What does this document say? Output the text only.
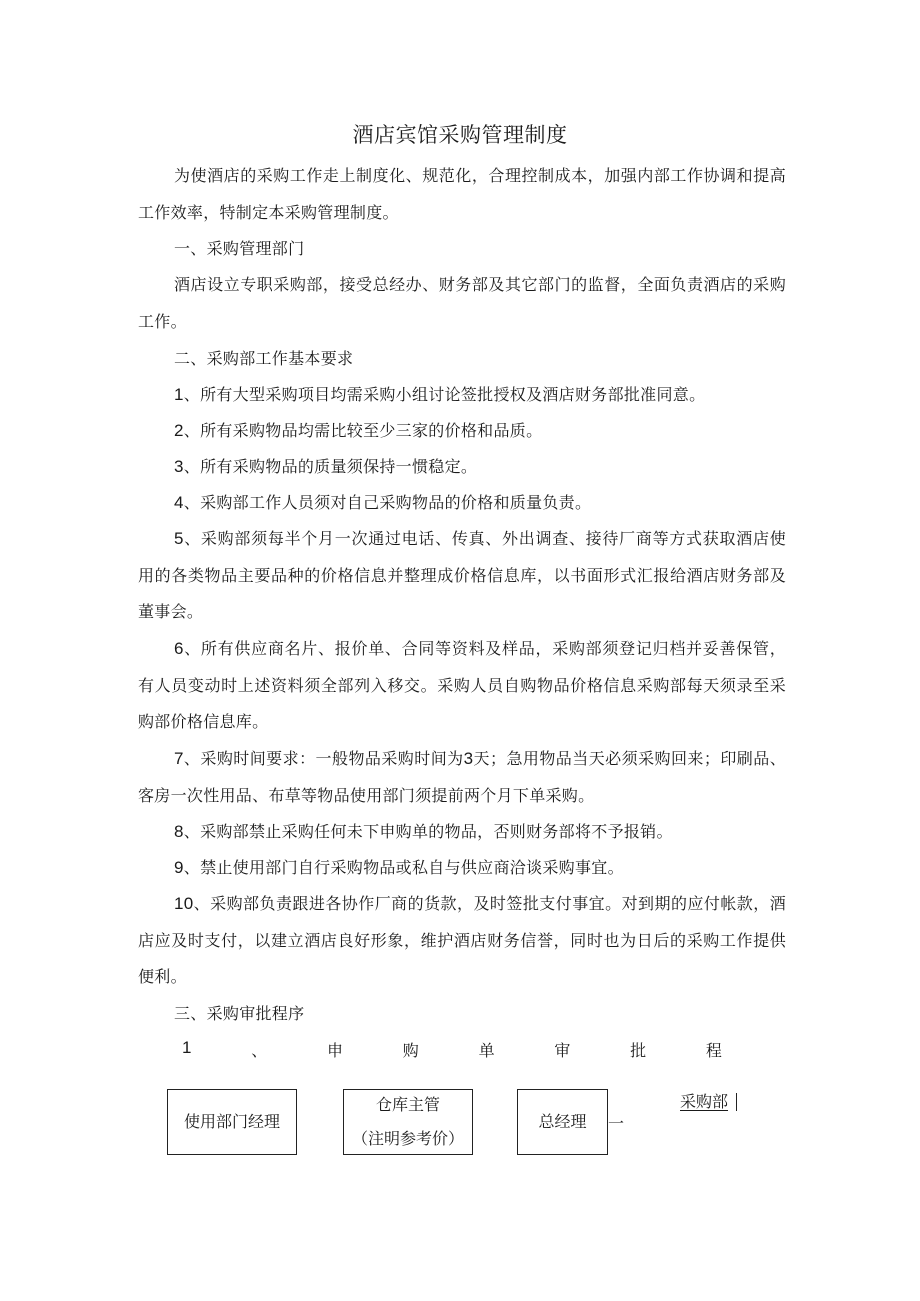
酒店宾馆采购管理制度
为使酒店的采购工作走上制度化、规范化，合理控制成本，加强内部工作协调和提高工作效率，特制定本采购管理制度。
一、采购管理部门
酒店设立专职采购部，接受总经办、财务部及其它部门的监督，全面负责酒店的采购工作。
二、采购部工作基本要求
1、所有大型采购项目均需采购小组讨论签批授权及酒店财务部批准同意。
2、所有采购物品均需比较至少三家的价格和品质。
3、所有采购物品的质量须保持一惯稳定。
4、采购部工作人员须对自己采购物品的价格和质量负责。
5、采购部须每半个月一次通过电话、传真、外出调查、接待厂商等方式获取酒店使用的各类物品主要品种的价格信息并整理成价格信息库，以书面形式汇报给酒店财务部及董事会。
6、所有供应商名片、报价单、合同等资料及样品，采购部须登记归档并妥善保管，有人员变动时上述资料须全部列入移交。采购人员自购物品价格信息采购部每天须录至采购部价格信息库。
7、采购时间要求：一般物品采购时间为3天；急用物品当天必须采购回来；印刷品、客房一次性用品、布草等物品使用部门须提前两个月下单采购。
8、采购部禁止采购任何未下申购单的物品，否则财务部将不予报销。
9、禁止使用部门自行采购物品或私自与供应商洽谈采购事宜。
10、采购部负责跟进各协作厂商的货款，及时签批支付事宜。对到期的应付帐款，酒店应及时支付，以建立酒店良好形象，维护酒店财务信誉，同时也为日后的采购工作提供便利。
三、采购审批程序
1	、	申	购	单	审	批	程
使用部门经理
仓库主管
（注明参考价）
总经理 一
采购部
